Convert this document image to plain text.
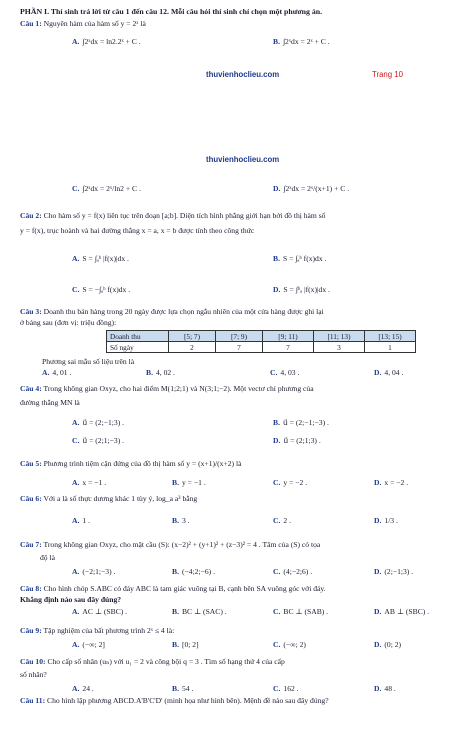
PHẦN I. Thí sinh trả lời từ câu 1 đến câu 12. Mỗi câu hỏi thí sinh chỉ chọn một phương án.
Câu 1: Nguyên hàm của hàm số y = 2ˣ là
A. ∫2ˣdx = ln2.2ˣ + C .	B. ∫2ˣdx = 2ˣ + C .
thuvienhoclieu.com	Trang 10
thuvienhoclieu.com
C. ∫2ˣdx = 2ˣ/ln2 + C .	D. ∫2ˣdx = 2ˣ/(x+1) + C .
Câu 2: Cho hàm số y = f(x) liên tục trên đoạn [a;b]. Diện tích hình phẳng giới hạn bởi đồ thị hàm số
y = f(x), trục hoành và hai đường thẳng x = a, x = b được tính theo công thức
A. S = ∫ₐᵇ |f(x)|dx .	B. S = ∫ₐᵇ f(x)dx .
C. S = −∫ₐᵇ f(x)dx .	D. S = ∫ᵇₐ |f(x)|dx .
Câu 3: Doanh thu bán hàng trong 20 ngày được lựa chọn ngẫu nhiên của một cửa hàng được ghi lại
ở bảng sau (đơn vị: triệu đồng):
Doanh thu	[5; 7)	[7; 9)	[9; 11)	[11; 13)	[13; 15)
Số ngày	2	7	7	3	1
Phương sai mẫu số liệu trên là
A. 4, 01 .	B. 4, 02 .	C. 4, 03 .	D. 4, 04 .
Câu 4: Trong không gian Oxyz, cho hai điểm M(1;2;1) và N(3;1;−2). Một vectơ chỉ phương của
đường thẳng MN là
A. u⃗ = (2;−1;3) .	B. u⃗ = (2;−1;−3) .
C. u⃗ = (2;1;−3) .	D. u⃗ = (2;1;3) .
Câu 5: Phương trình tiệm cận đứng của đồ thị hàm số y = (x+1)/(x+2) là
A. x = −1 .	B. y = −1 .	C. y = −2 .	D. x = −2 .
Câu 6: Với a là số thực dương khác 1 tùy ý, log_a a³ bằng
A. 1 .	B. 3 .	C. 2 .	D. 1/3 .
Câu 7: Trong không gian Oxyz, cho mặt cầu (S): (x−2)² + (y+1)² + (z−3)² = 4 . Tâm của (S) có tọa
độ là
A. (−2;1;−3) .	B. (−4;2;−6) .	C. (4;−2;6) .	D. (2;−1;3) .
Câu 8: Cho hình chóp S.ABC có đáy ABC là tam giác vuông tại B, cạnh bên SA vuông góc với đáy.
Khẳng định nào sau đây đúng?
A. AC ⊥ (SBC) .	B. BC ⊥ (SAC) .	C. BC ⊥ (SAB) .	D. AB ⊥ (SBC) .
Câu 9: Tập nghiệm của bất phương trình 2ˣ ≤ 4 là:
A. (−∞; 2]	B. [0; 2]	C. (−∞; 2)	D. (0; 2)
Câu 10: Cho cấp số nhân (uₙ) với u₁ = 2 và công bội q = 3 . Tìm số hạng thứ 4 của cấp
số nhân?
A. 24 .	B. 54 .	C. 162 .	D. 48 .
Câu 11: Cho hình lập phương ABCD.A'B'C'D' (minh họa như hình bên). Mệnh đề nào sau đây đúng?
